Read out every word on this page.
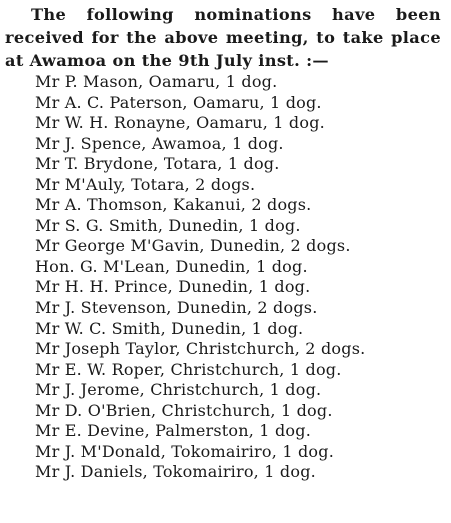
The following nominations have been received for the above meeting, to take place at Awamoa on the 9th July inst. :—

Mr P. Mason, Oamaru, 1 dog.
Mr A. C. Paterson, Oamaru, 1 dog.
Mr W. H. Ronayne, Oamaru, 1 dog.
Mr J. Spence, Awamoa, 1 dog.
Mr T. Brydone, Totara, 1 dog.
Mr M'Auly, Totara, 2 dogs.
Mr A. Thomson, Kakanui, 2 dogs.
Mr S. G. Smith, Dunedin, 1 dog.
Mr George M'Gavin, Dunedin, 2 dogs.
Hon. G. M'Lean, Dunedin, 1 dog.
Mr H. H. Prince, Dunedin, 1 dog.
Mr J. Stevenson, Dunedin, 2 dogs.
Mr W. C. Smith, Dunedin, 1 dog.
Mr Joseph Taylor, Christchurch, 2 dogs.
Mr E. W. Roper, Christchurch, 1 dog.
Mr J. Jerome, Christchurch, 1 dog.
Mr D. O'Brien, Christchurch, 1 dog.
Mr E. Devine, Palmerston, 1 dog.
Mr J. M'Donald, Tokomairiro, 1 dog.
Mr J. Daniels, Tokomairiro, 1 dog.
